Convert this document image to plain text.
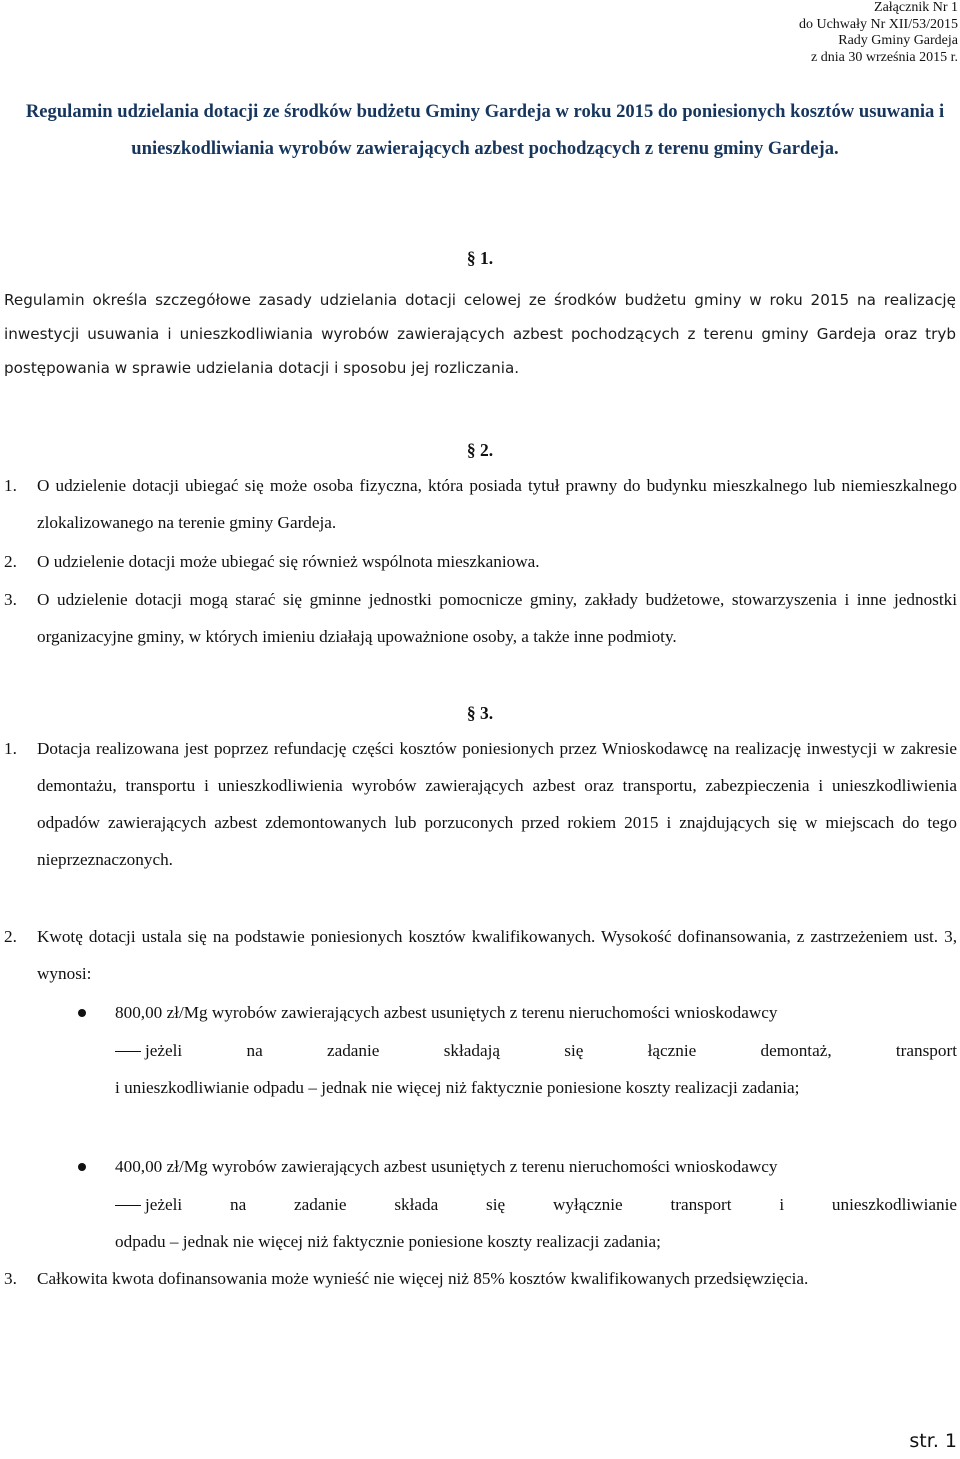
Załącznik Nr 1
do Uchwały Nr XII/53/2015
Rady Gminy Gardeja
z dnia 30 września 2015 r.
Regulamin udzielania dotacji ze środków budżetu Gminy Gardeja w roku 2015 do poniesionych kosztów usuwania i unieszkodliwiania wyrobów zawierających azbest pochodzących z terenu gminy Gardeja.
§ 1.
Regulamin określa szczegółowe zasady udzielania dotacji celowej ze środków budżetu gminy w roku 2015 na realizację inwestycji usuwania i unieszkodliwiania wyrobów zawierających azbest pochodzących z terenu gminy Gardeja oraz tryb postępowania w sprawie udzielania dotacji i sposobu jej rozliczania.
§ 2.
1. O udzielenie dotacji ubiegać się może osoba fizyczna, która posiada tytuł prawny do budynku mieszkalnego lub niemieszkalnego zlokalizowanego na terenie gminy Gardeja.
2. O udzielenie dotacji może ubiegać się również wspólnota mieszkaniowa.
3. O udzielenie dotacji mogą starać się gminne jednostki pomocnicze gminy, zakłady budżetowe, stowarzyszenia i inne jednostki organizacyjne gminy, w których imieniu działają upoważnione osoby, a także inne podmioty.
§ 3.
1. Dotacja realizowana jest poprzez refundację części kosztów poniesionych przez Wnioskodawcę na realizację inwestycji w zakresie demontażu, transportu i unieszkodliwienia wyrobów zawierających azbest oraz transportu, zabezpieczenia i unieszkodliwienia odpadów zawierających azbest zdemontowanych lub porzuconych przed rokiem 2015 i znajdujących się w miejscach do tego nieprzeznaczonych.
2. Kwotę dotacji ustala się na podstawie poniesionych kosztów kwalifikowanych. Wysokość dofinansowania, z zastrzeżeniem ust. 3, wynosi:
800,00 zł/Mg wyrobów zawierających azbest usuniętych z terenu nieruchomości wnioskodawcy
jeżeli na zadanie składają się łącznie demontaż, transport
i unieszkodliwianie odpadu – jednak nie więcej niż faktycznie poniesione koszty realizacji zadania;
400,00 zł/Mg wyrobów zawierających azbest usuniętych z terenu nieruchomości wnioskodawcy
jeżeli na zadanie składa się wyłącznie transport i unieszkodliwianie
odpadu – jednak nie więcej niż faktycznie poniesione koszty realizacji zadania;
3. Całkowita kwota dofinansowania może wynieść nie więcej niż 85% kosztów kwalifikowanych przedsięwzięcia.
str. 1
